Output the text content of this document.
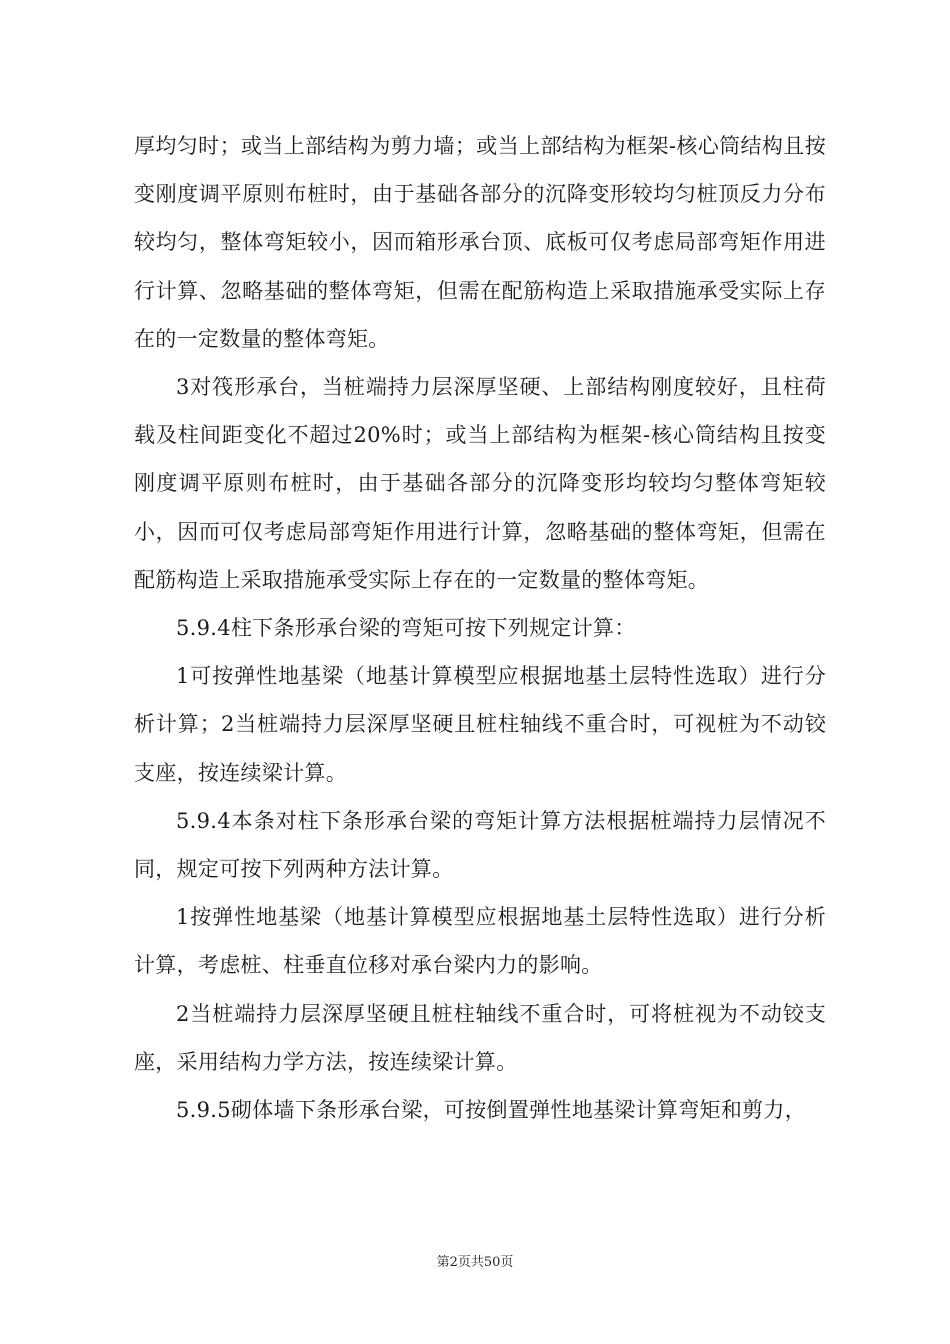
厚均匀时；或当上部结构为剪力墙；或当上部结构为框架-核心筒结构且按变刚度调平原则布桩时，由于基础各部分的沉降变形较均匀桩顶反力分布较均匀，整体弯矩较小，因而箱形承台顶、底板可仅考虑局部弯矩作用进行计算、忽略基础的整体弯矩，但需在配筋构造上采取措施承受实际上存在的一定数量的整体弯矩。

3对筏形承台，当桩端持力层深厚坚硬、上部结构刚度较好，且柱荷载及柱间距变化不超过20%时；或当上部结构为框架-核心筒结构且按变刚度调平原则布桩时，由于基础各部分的沉降变形均较均匀整体弯矩较小，因而可仅考虑局部弯矩作用进行计算，忽略基础的整体弯矩，但需在配筋构造上采取措施承受实际上存在的一定数量的整体弯矩。

5.9.4柱下条形承台梁的弯矩可按下列规定计算：

1可按弹性地基梁（地基计算模型应根据地基土层特性选取）进行分析计算；2当桩端持力层深厚坚硬且桩柱轴线不重合时，可视桩为不动铰支座，按连续梁计算。

5.9.4本条对柱下条形承台梁的弯矩计算方法根据桩端持力层情况不同，规定可按下列两种方法计算。

1按弹性地基梁（地基计算模型应根据地基土层特性选取）进行分析计算，考虑桩、柱垂直位移对承台梁内力的影响。

2当桩端持力层深厚坚硬且桩柱轴线不重合时，可将桩视为不动铰支座，采用结构力学方法，按连续梁计算。

5.9.5砌体墙下条形承台梁，可按倒置弹性地基梁计算弯矩和剪力，

第2页共50页
